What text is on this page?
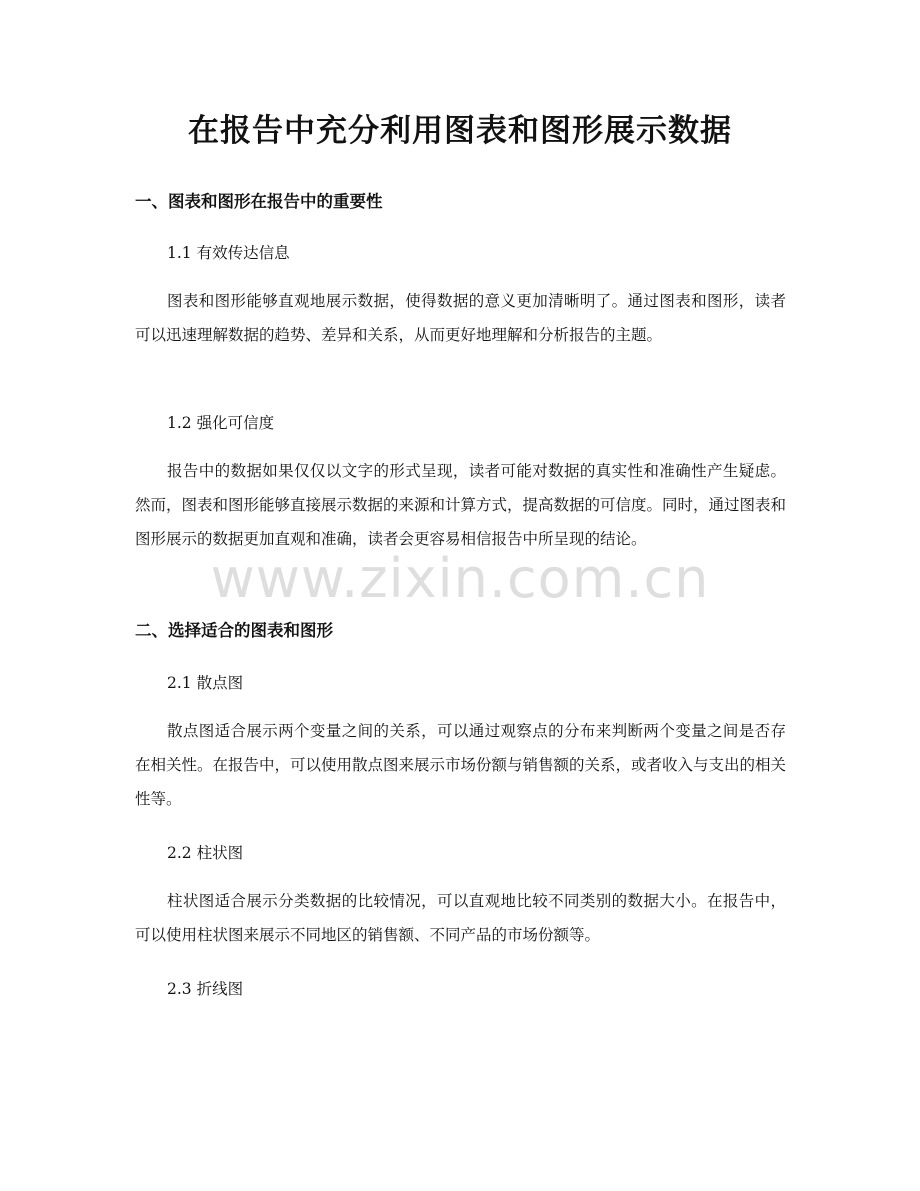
在报告中充分利用图表和图形展示数据
一、图表和图形在报告中的重要性
1.1 有效传达信息
图表和图形能够直观地展示数据，使得数据的意义更加清晰明了。通过图表和图形，读者可以迅速理解数据的趋势、差异和关系，从而更好地理解和分析报告的主题。
1.2 强化可信度
报告中的数据如果仅仅以文字的形式呈现，读者可能对数据的真实性和准确性产生疑虑。然而，图表和图形能够直接展示数据的来源和计算方式，提高数据的可信度。同时，通过图表和图形展示的数据更加直观和准确，读者会更容易相信报告中所呈现的结论。
www.zixin.com.cn
二、选择适合的图表和图形
2.1 散点图
散点图适合展示两个变量之间的关系，可以通过观察点的分布来判断两个变量之间是否存在相关性。在报告中，可以使用散点图来展示市场份额与销售额的关系，或者收入与支出的相关性等。
2.2 柱状图
柱状图适合展示分类数据的比较情况，可以直观地比较不同类别的数据大小。在报告中，可以使用柱状图来展示不同地区的销售额、不同产品的市场份额等。
2.3 折线图
